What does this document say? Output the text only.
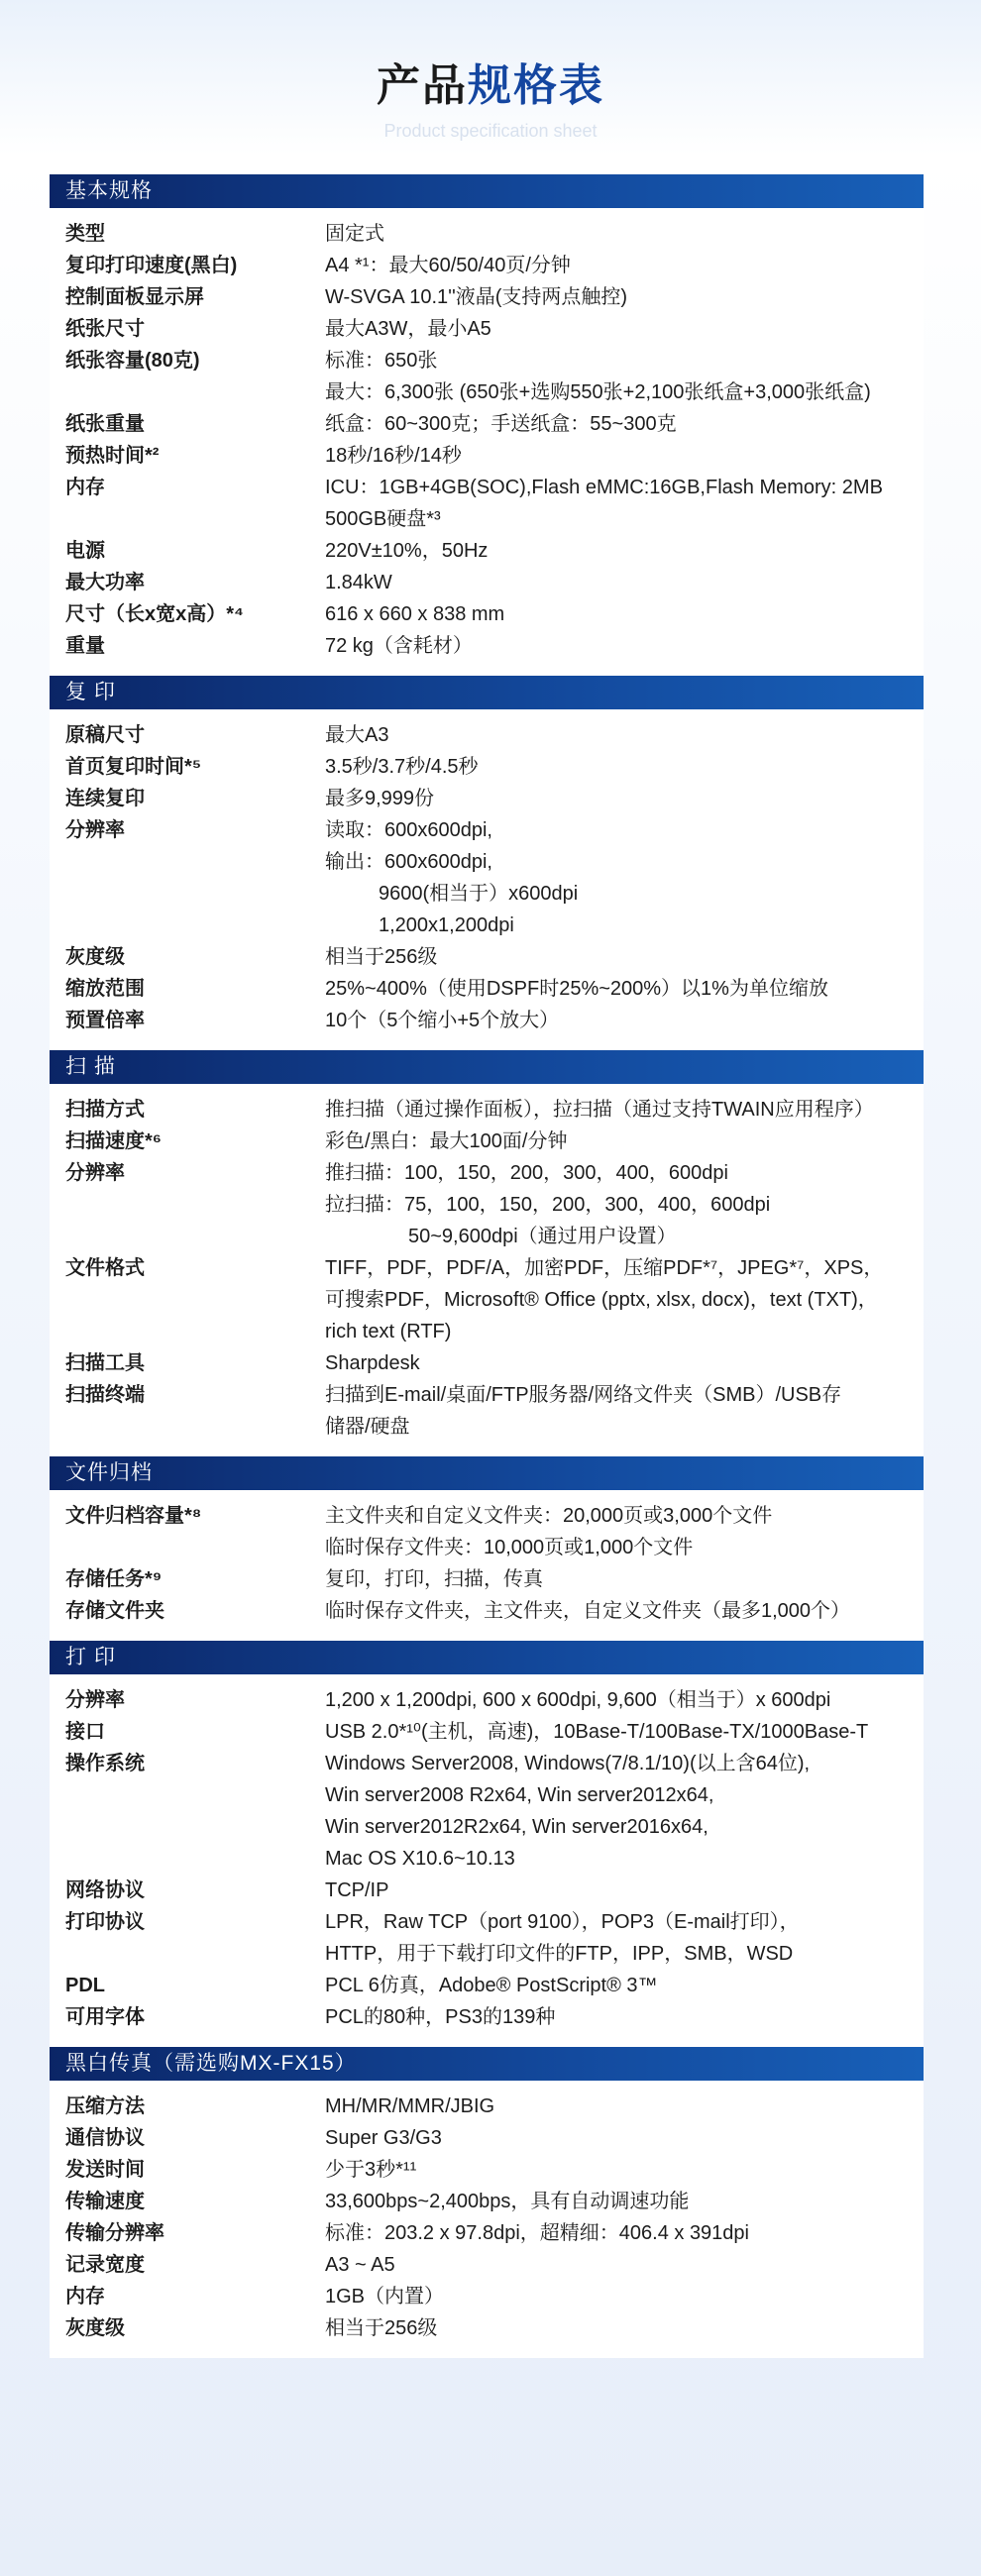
产品规格表
Product specification sheet
基本规格
类型	固定式
复印打印速度(黑白)	A4 *¹：最大60/50/40页/分钟
控制面板显示屏	W-SVGA 10.1''液晶(支持两点触控)
纸张尺寸	最大A3W，最小A5
纸张容量(80克)	标准：650张
最大：6,300张 (650张+选购550张+2,100张纸盒+3,000张纸盒)
纸张重量	纸盒：60~300克；手送纸盒：55~300克
预热时间*²	18秒/16秒/14秒
内存	ICU：1GB+4GB(SOC),Flash eMMC:16GB,Flash Memory: 2MB
500GB硬盘*³
电源	220V±10%，50Hz
最大功率	1.84kW
尺寸（长x宽x高）*⁴	616 x 660 x 838 mm
重量	72 kg（含耗材）
复 印
原稿尺寸	最大A3
首页复印时间*⁵	3.5秒/3.7秒/4.5秒
连续复印	最多9,999份
分辨率	读取：600x600dpi,
输出：600x600dpi,
9600(相当于）x600dpi
1,200x1,200dpi
灰度级	相当于256级
缩放范围	25%~400%（使用DSPF时25%~200%）以1%为单位缩放
预置倍率	10个（5个缩小+5个放大）
扫 描
扫描方式	推扫描（通过操作面板），拉扫描（通过支持TWAIN应用程序）
扫描速度*⁶	彩色/黑白：最大100面/分钟
分辨率	推扫描：100，150，200，300，400，600dpi
拉扫描：75，100，150，200，300，400，600dpi
50~9,600dpi（通过用户设置）
文件格式	TIFF，PDF，PDF/A，加密PDF，压缩PDF*⁷，JPEG*⁷，XPS，
可搜索PDF，Microsoft® Office (pptx, xlsx, docx)，text (TXT)，
rich text (RTF)
扫描工具	Sharpdesk
扫描终端	扫描到E-mail/桌面/FTP服务器/网络文件夹（SMB）/USB存
储器/硬盘
文件归档
文件归档容量*⁸	主文件夹和自定义文件夹：20,000页或3,000个文件
临时保存文件夹：10,000页或1,000个文件
存储任务*⁹	复印，打印，扫描，传真
存储文件夹	临时保存文件夹，主文件夹，自定义文件夹（最多1,000个）
打 印
分辨率	1,200 x 1,200dpi, 600 x 600dpi, 9,600（相当于）x 600dpi
接口	USB 2.0*¹⁰(主机，高速)，10Base-T/100Base-TX/1000Base-T
操作系统	Windows Server2008, Windows(7/8.1/10)(以上含64位),
Win server2008 R2x64, Win server2012x64,
Win server2012R2x64, Win server2016x64,
Mac OS X10.6~10.13
网络协议	TCP/IP
打印协议	LPR，Raw TCP（port 9100），POP3（E-mail打印），
HTTP，用于下载打印文件的FTP，IPP，SMB，WSD
PDL	PCL 6仿真，Adobe® PostScript® 3™
可用字体	PCL的80种，PS3的139种
黑白传真（需选购MX-FX15）
压缩方法	MH/MR/MMR/JBIG
通信协议	Super G3/G3
发送时间	少于3秒*¹¹
传输速度	33,600bps~2,400bps，具有自动调速功能
传输分辨率	标准：203.2 x 97.8dpi，超精细：406.4 x 391dpi
记录宽度	A3 ~ A5
内存	1GB（内置）
灰度级	相当于256级
